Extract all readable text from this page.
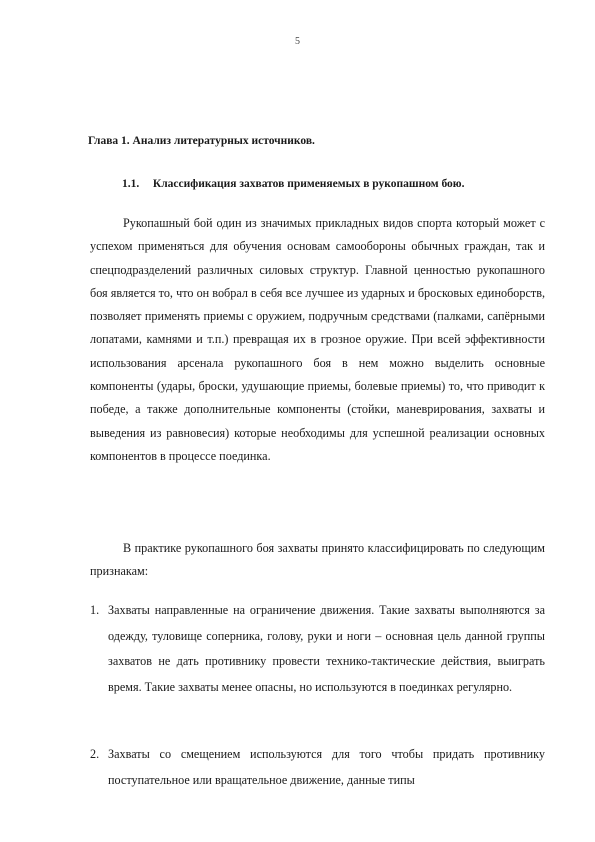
5
Глава 1. Анализ литературных источников.
1.1. Классификация захватов применяемых в рукопашном бою.

Рукопашный бой один из значимых прикладных видов спорта который может с успехом применяться для обучения основам самообороны обычных граждан, так и спецподразделений различных силовых структур. Главной ценностью рукопашного боя является то, что он вобрал в себя все лучшее из ударных и бросковых единоборств, позволяет применять приемы с оружием, подручным средствами (палками, сапёрными лопатами, камнями и т.п.) превращая их в грозное оружие. При всей эффективности использования арсенала рукопашного боя в нем можно выделить основные компоненты (удары, броски, удушающие приемы, болевые приемы) то, что приводит к победе, а также дополнительные компоненты (стойки, маневрирования, захваты и выведения из равновесия) которые необходимы для успешной реализации основных компонентов в процессе поединка.

В практике рукопашного боя захваты принято классифицировать по следующим признакам:

1. Захваты направленные на ограничение движения. Такие захваты выполняются за одежду, туловище соперника, голову, руки и ноги – основная цель данной группы захватов не дать противнику провести технико-тактические действия, выиграть время. Такие захваты менее опасны, но используются в поединках регулярно.

2. Захваты со смещением используются для того чтобы придать противнику поступательное или вращательное движение, данные типы
